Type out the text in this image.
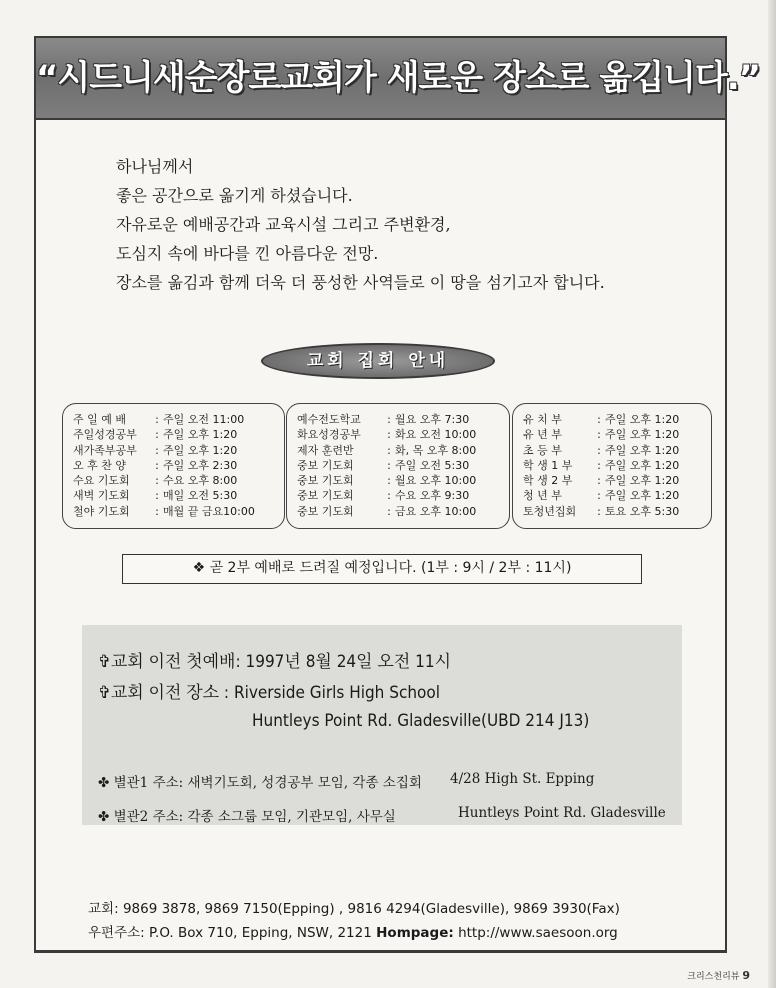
“시드니새순장로교회가 새로운 장소로 옮깁니다.”
하나님께서
좋은 공간으로 옮기게 하셨습니다.
자유로운 예배공간과 교육시설 그리고 주변환경,
도심지 속에 바다를 낀 아름다운 전망.
장소를 옮김과 함께 더욱 더 풍성한 사역들로 이 땅을 섬기고자 합니다.
교회 집회 안내
주 일 예 배	: 주일 오전 11:00
주일성경공부	: 주일 오후 1:20
새가족부공부	: 주일 오후 1:20
오 후 찬 양	: 주일 오후 2:30
수요 기도회	: 수요 오후 8:00
새벽 기도회	: 매일 오전 5:30
철야 기도회	: 매월 끝 금요10:00
예수전도학교	: 월요 오후 7:30
화요성경공부	: 화요 오전 10:00
제자 훈련반	: 화, 목 오후 8:00
중보 기도회	: 주일 오전 5:30
중보 기도회	: 월요 오후 10:00
중보 기도회	: 수요 오후 9:30
중보 기도회	: 금요 오후 10:00
유 치 부	: 주일 오후 1:20
유 년 부	: 주일 오후 1:20
초 등 부	: 주일 오후 1:20
학 생 1 부	: 주일 오후 1:20
학 생 2 부	: 주일 오후 1:20
청 년 부	: 주일 오후 1:20
토청년집회	: 토요 오후 5:30
❖ 곧 2부 예배로 드려질 예정입니다. (1부 : 9시 / 2부 : 11시)
✞교회 이전 첫예배: 1997년 8월 24일 오전 11시
✞교회 이전 장소 : Riverside Girls High School
Huntleys Point Rd. Gladesville(UBD 214 J13)
✤ 별관1 주소: 새벽기도회, 성경공부 모임, 각종 소집회 4/28 High St. Epping
✤ 별관2 주소: 각종 소그룹 모임, 기관모임, 사무실	Huntleys Point Rd. Gladesville
교회: 9869 3878, 9869 7150(Epping) , 9816 4294(Gladesville), 9869 3930(Fax)
우편주소: P.O. Box 710, Epping, NSW, 2121 Hompage: http://www.saesoon.org
크리스천리뷰 9
